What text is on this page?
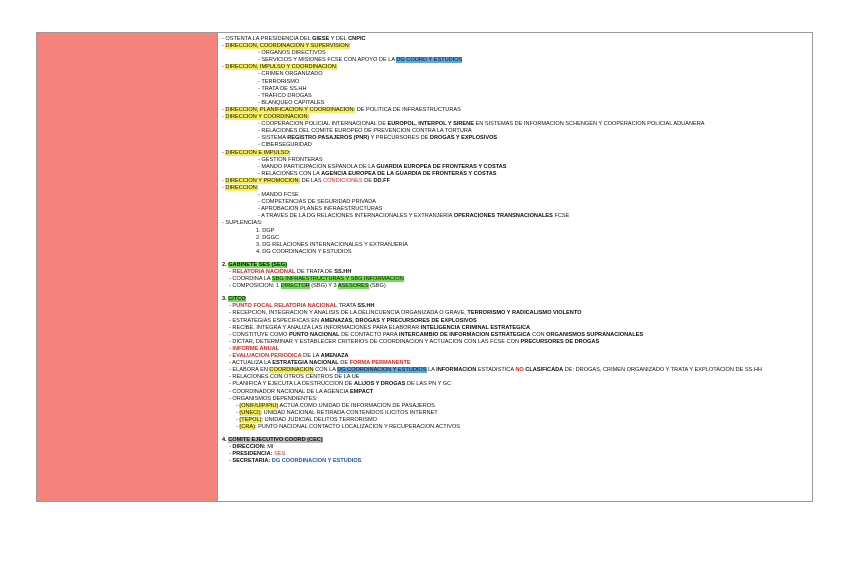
- OSTENTA LA PRESIDENCIA DEL GIESE Y DEL CNPIC
- DIRECCIÓN, COORDINACIÓN Y SUPERVISIÓN:
- ÓRGANOS DIRECTIVOS
- SERVICIOS Y MISIONES FCSE CON APOYO DE LA DG COORD Y ESTUDIOS
- DIRECCIÓN, IMPULSO Y COORDINACIÓN:
- CRIMEN ORGANIZADO
- TERRORISMO
- TRATA DE SS.HH
- TRÁFICO DROGAS
- BLANQUEO CAPITALES
- DIRECCIÓN, PLANIFICACIÓN Y COORDINACIÓN: DE POLÍTICA DE INFRAESTRUCTURAS
- DIRECCIÓN Y COORDINACIÓN:
- COOPERACIÓN POLICIAL INTERNACIONAL DE EUROPOL, INTERPOL Y SIRENE EN SISTEMAS DE INFORMACIÓN SCHENGEN Y COOPERACIÓN POLICIAL ADUANERA
- RELACIONES DEL COMITÉ EUROPEO DE PREVENCIÓN CONTRA LA TORTURA
- SISTEMA REGISTRO PASAJEROS (PNR) Y PRECURSORES DE DROGAS Y EXPLOSIVOS
- CIBERSEGURIDAD
- DIRECCIÓN E IMPULSO:
- GESTIÓN FRONTERAS
- MANDO PARTICIPACIÓN ESPAÑOLA DE LA GUARDIA EUROPEA DE FRONTERAS Y COSTAS
- RELACIONES CON LA AGENCIA EUROPEA DE LA GUARDIA DE FRONTERAS Y COSTAS
- DIRECCIÓN Y PROMOCIÓN: DE LAS CONDICIONES DE DD.FF
- DIRECCIÓN:
- MANDO FCSE
- COMPETENCIAS DE SEGURIDAD PRIVADA
- APROBACIÓN PLANES INFRAESTRUCTURAS
- A TRAVÉS DE LA DG RELACIONES INTERNACIONALES Y EXTRANJERÍA OPERACIONES TRANSNACIONALES FCSE
- SUPLENCIAS:
1. DGP
2. DGGC
3. DG RELACIONES INTERNACIONALES Y EXTRANJERÍA
4. DG COORDINACIÓN Y ESTUDIOS
2. GABINETE SES (SEG)
- RELATORÍA NACIONAL DE TRATA DE SS.HH
- COORDINA LA SBG INFRAESTRUCTURAS Y SBG INFORMACIÓN
- COMPOSICIÓN: 1 DIRECTOR (SBG) Y 3 ASESORES (SBG)
3. CITCO
- PUNTO FOCAL RELATORÍA NACIONAL TRATA SS.HH
- RECEPCIÓN, INTEGRACIÓN Y ANÁLISIS DE LA DELINCUENCIA ORGANIZADA O GRAVE, TERRORISMO Y RADICALISMO VIOLENTO
- ESTRATEGIAS ESPECÍFICAS EN AMENAZAS, DROGAS Y PRECURSORES DE EXPLOSIVOS
- RECIBE, INTEGRA Y ANALIZA LAS INFORMACIONES PARA ELABORAR INTELIGENCIA CRIMINAL ESTRATÉGICA
- CONSTITUYE COMO PUNTO NACIONAL DE CONTACTO PARA INTERCAMBIO DE INFORMACIÓN ESTRATÉGICA CON ORGANISMOS SUPRANACIONALES
- DICTAR, DETERMINAR Y ESTABLECER CRITERIOS DE COORDINACIÓN Y ACTUACIÓN CON LAS FCSE CON PRECURSORES DE DROGAS
- INFORME ANUAL
- EVALUACIÓN PERIÓDICA DE LA AMENAZA
- ACTUALIZA LA ESTRATEGIA NACIONAL DE FORMA PERMANENTE
- ELABORA EN COORDINACIÓN CON LA DG COORDINACIÓN Y ESTUDIOS LA INFORMACIÓN ESTADÍSTICA NO CLASIFICADA DE: DROGAS, CRIMEN ORGANIZADO Y TRATA Y EXPLOTACIÓN DE SS.HH
- RELACIONES CON OTROS CENTROS DE LA UE
- PLANIFICA Y EJECUTA LA DESTRUCCIÓN DE ALIJOS Y DROGAS DE LAS PN Y GC
- COORDINADOR NACIONAL DE LA AGENCIA EMPACT
- ORGANISMOS DEPENDIENTES:
- (ONIF/UIP/PIU) ACTÚA COMO UNIDAD DE INFORMACIÓN DE PASAJEROS
- (UNECI): UNIDAD NACIONAL RETIRADA CONTENIDOS ILÍCITOS INTERNET
- (TEPOL): UNIDAD JUDICIAL DELITOS TERRORISMO
- (CRA): PUNTO NACIONAL CONTACTO LOCALIZACIÓN Y RECUPERACIÓN ACTIVOS
4. COMITÉ EJECUTIVO COORD (CEC)
- DIRECCIÓN: MI
- PRESIDENCIA: SES
- SECRETARÍA: DG COORDINACIÓN Y ESTUDIOS
